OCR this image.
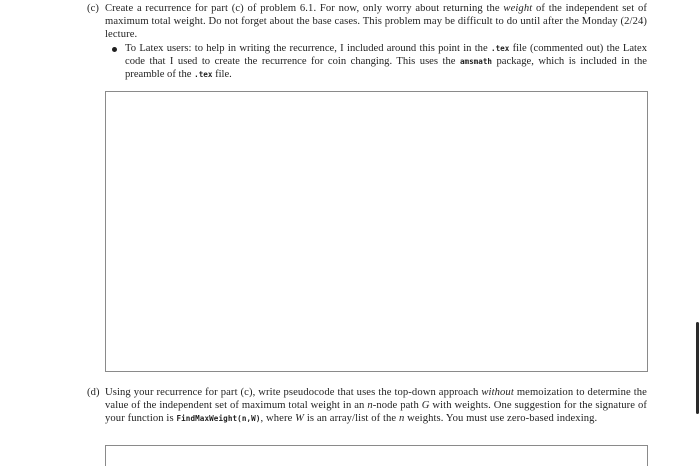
(c) Create a recurrence for part (c) of problem 6.1. For now, only worry about returning the weight of the independent set of maximum total weight. Do not forget about the base cases. This problem may be difficult to do until after the Monday (2/24) lecture.
To Latex users: to help in writing the recurrence, I included around this point in the .tex file (commented out) the Latex code that I used to create the recurrence for coin changing. This uses the amsmath package, which is included in the preamble of the .tex file.
(d) Using your recurrence for part (c), write pseudocode that uses the top-down approach without memoization to determine the value of the independent set of maximum total weight in an n-node path G with weights. One suggestion for the signature of your function is FindMaxWeight(n,W), where W is an array/list of the n weights. You must use zero-based indexing.
